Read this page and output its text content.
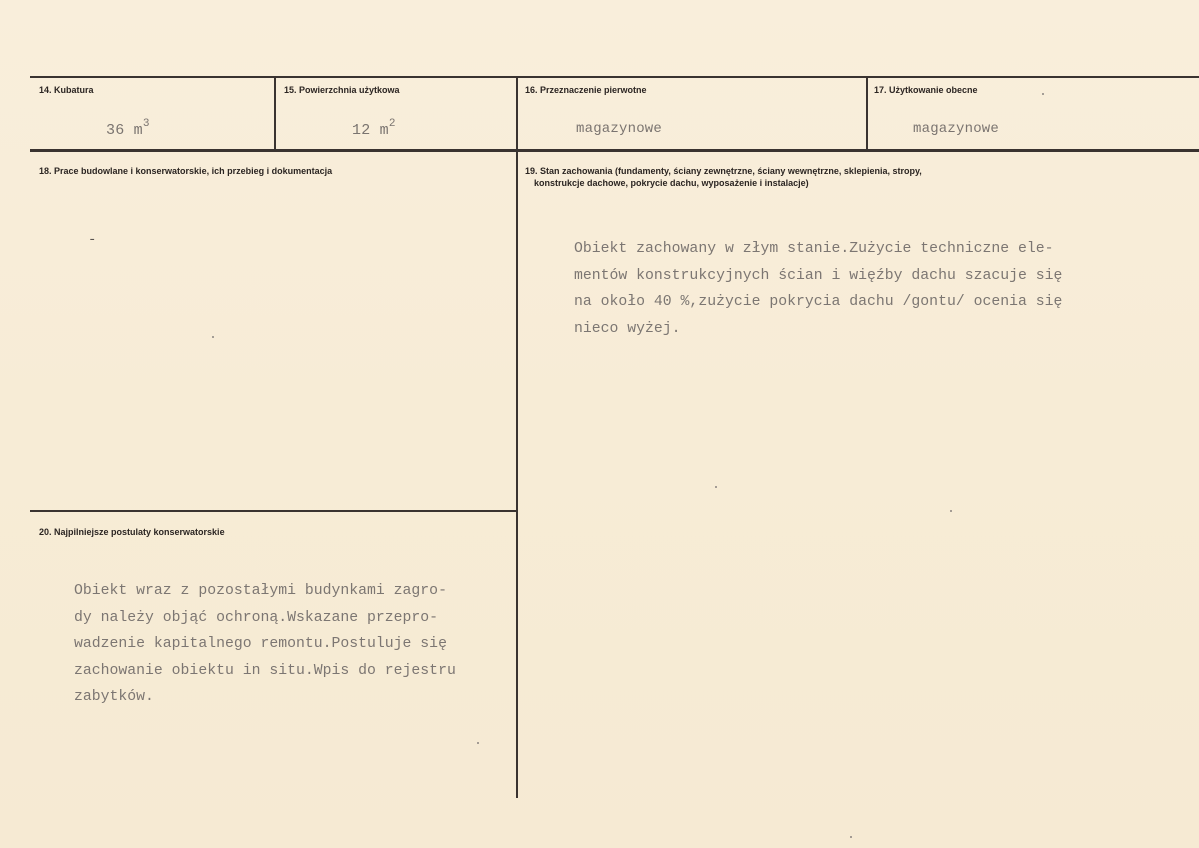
14. Kubatura
36 $m^3$
15. Powierzchnia użytkowa
12 $m^2$
16. Przeznaczenie pierwotne
magazynowe
17. Użytkowanie obecne
magazynowe
18. Prace budowlane i konserwatorskie, ich przebieg i dokumentacja
-
19. Stan zachowania (fundamenty, ściany zewnętrzne, ściany wewnętrzne, sklepienia, stropy,
konstrukcje dachowe, pokrycie dachu, wyposażenie i instalacje)
Obiekt zachowany w złym stanie.Zużycie techniczne ele-
mentów konstrukcyjnych ścian i więźby dachu szacuje się
na około 40 %,zużycie pokrycia dachu /gontu/ ocenia się
nieco wyżej.
20. Najpilniejsze postulaty konserwatorskie
Obiekt wraz z pozostałymi budynkami zagro-
dy należy objąć ochroną.Wskazane przepro-
wadzenie kapitalnego remontu.Postuluje się
zachowanie obiektu in situ.Wpis do rejestru
zabytków.
